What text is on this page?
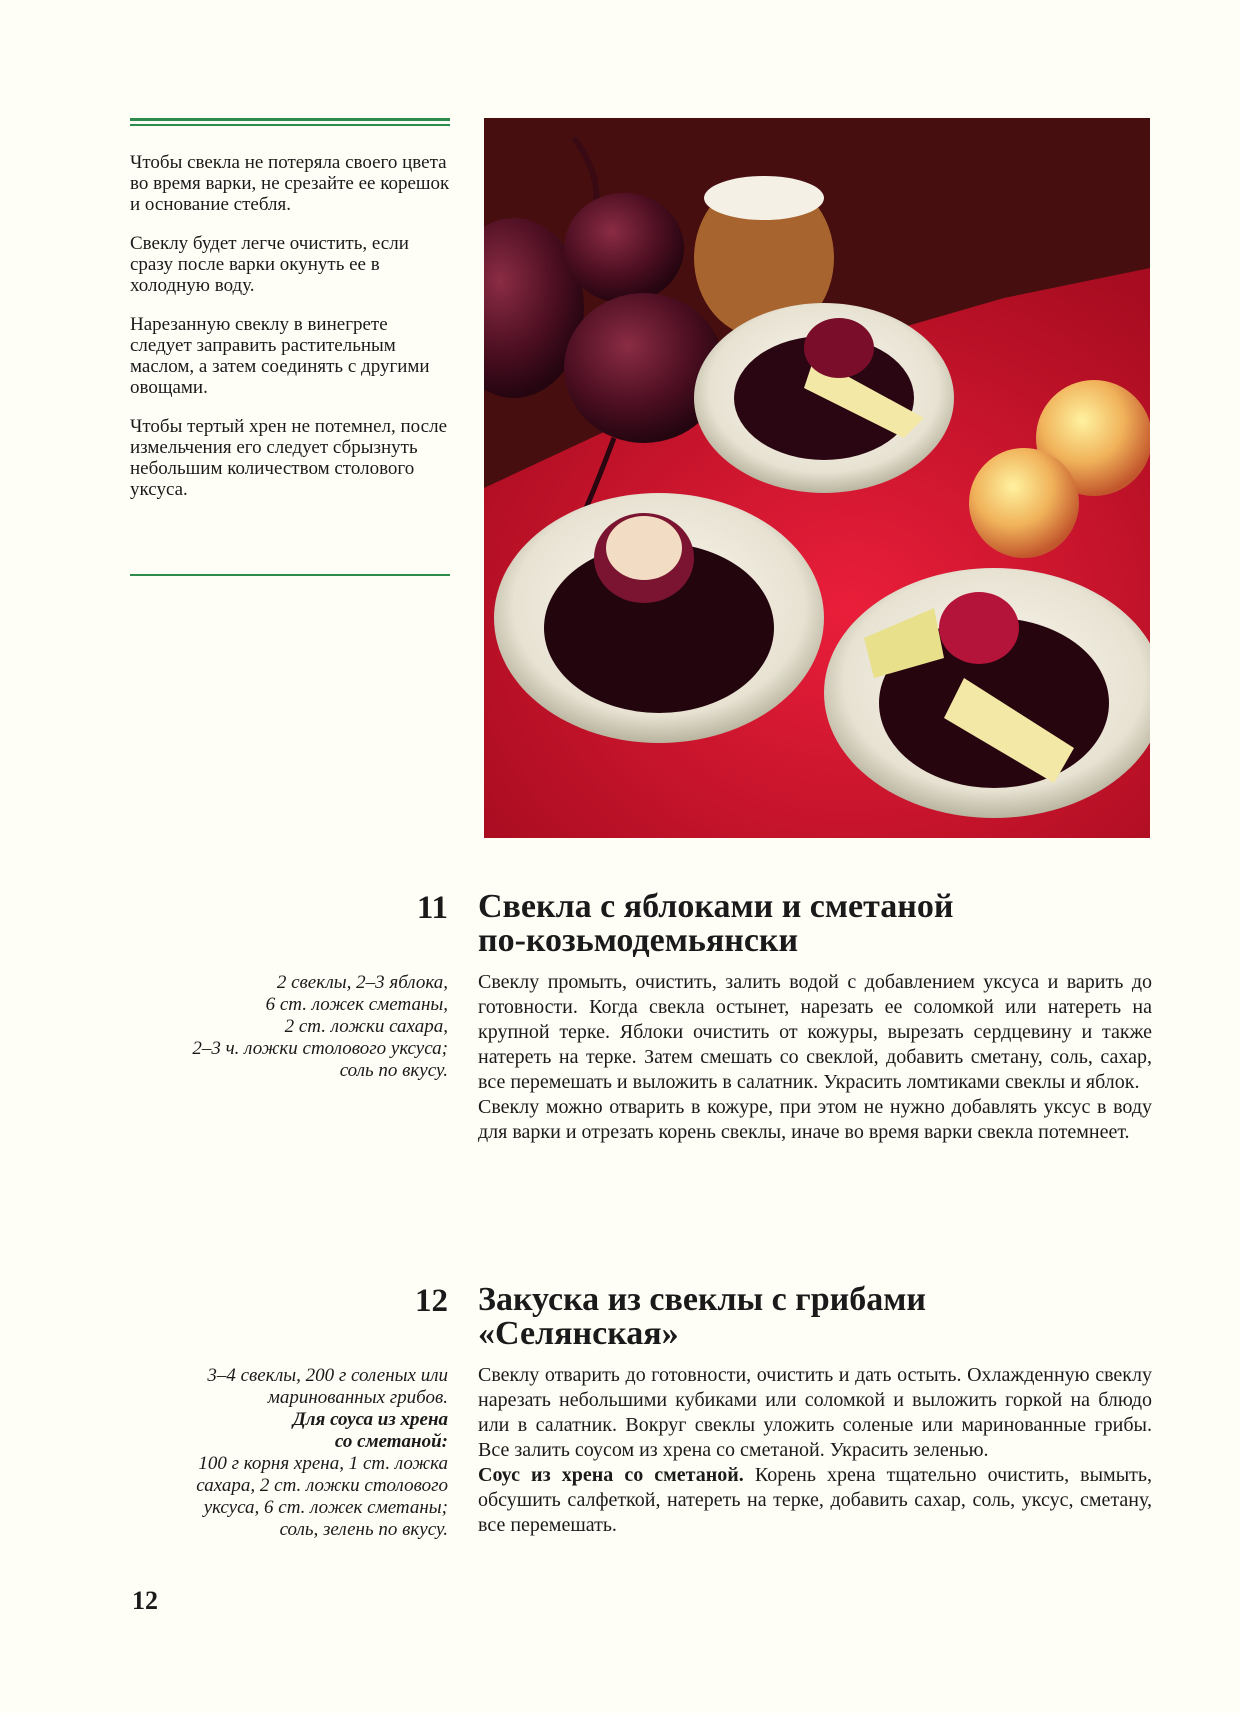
Чтобы свекла не потеряла своего цвета во время варки, не срезайте ее корешок и основание стебля.
Свеклу будет легче очистить, если сразу после варки окунуть ее в холодную воду.
Нарезанную свеклу в винегрете следует заправить растительным маслом, а затем соединять с другими овощами.
Чтобы тертый хрен не потемнел, после измельчения его следует сбрызнуть небольшим количеством столового уксуса.
11 Свекла с яблоками и сметаной
по-козьмодемьянски
2 свеклы, 2–3 яблока,
6 ст. ложек сметаны,
2 ст. ложки сахара,
2–3 ч. ложки столового уксуса;
соль по вкусу.

Свеклу промыть, очистить, залить водой с добавлением уксуса и варить до готовности. Когда свекла остынет, нарезать ее соломкой или натереть на крупной терке. Яблоки очистить от кожуры, вырезать сердцевину и также натереть на терке. Затем смешать со свеклой, добавить сметану, соль, сахар, все перемешать и выложить в салатник. Украсить ломтиками свеклы и яблок.

Свеклу можно отварить в кожуре, при этом не нужно добавлять уксус в воду для варки и отрезать корень свеклы, иначе во время варки свекла потемнеет.

12 Закуска из свеклы с грибами
«Селянская»
3–4 свеклы, 200 г соленых или
маринованных грибов.
Для соуса из хрена
со сметаной:
100 г корня хрена, 1 ст. ложка
сахара, 2 ст. ложки столового
уксуса, 6 ст. ложек сметаны;
соль, зелень по вкусу.

Свеклу отварить до готовности, очистить и дать остыть. Охлажденную свеклу нарезать небольшими кубиками или соломкой и выложить горкой на блюдо или в салатник. Вокруг свеклы уложить соленые или маринованные грибы. Все залить соусом из хрена со сметаной. Украсить зеленью.

Соус из хрена со сметаной. Корень хрена тщательно очистить, вымыть, обсушить салфеткой, натереть на терке, добавить сахар, соль, уксус, сметану, все перемешать.

12
